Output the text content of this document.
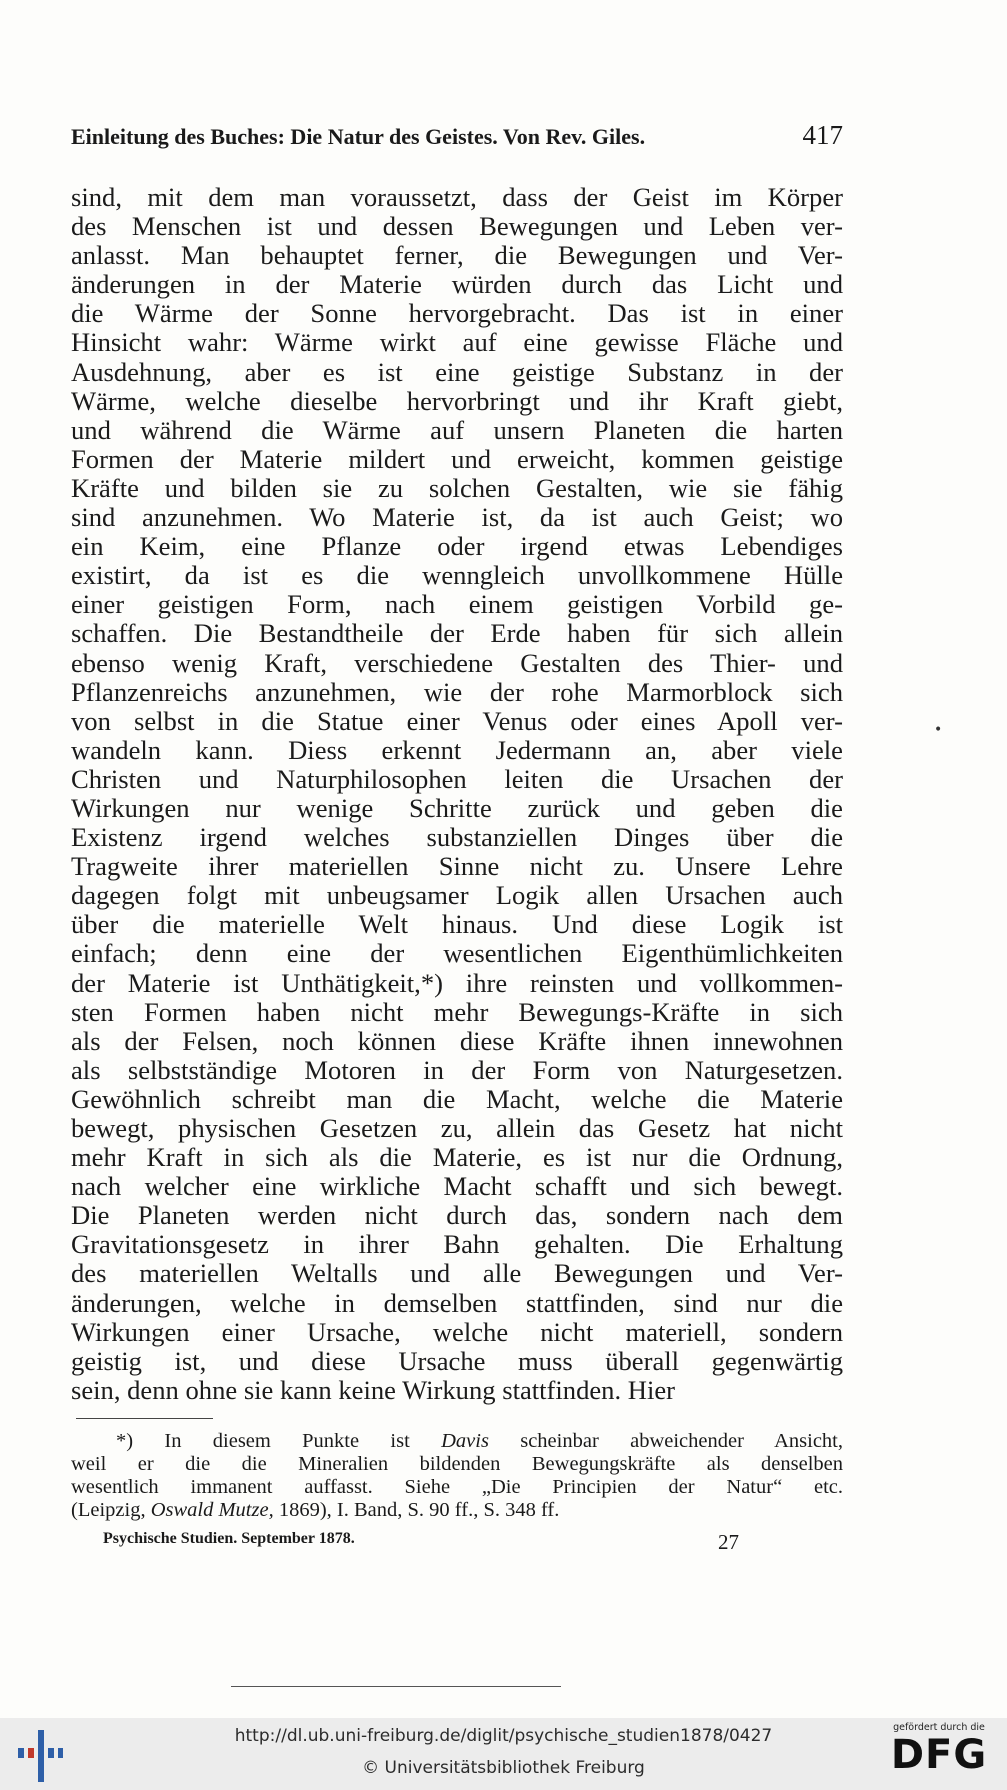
Einleitung des Buches: Die Natur des Geistes. Von Rev. Giles.	417
sind, mit dem man voraussetzt, dass der Geist im Körper
des Menschen ist und dessen Bewegungen und Leben ver-
anlasst. Man behauptet ferner, die Bewegungen und Ver-
änderungen in der Materie würden durch das Licht und
die Wärme der Sonne hervorgebracht. Das ist in einer
Hinsicht wahr: Wärme wirkt auf eine gewisse Fläche und
Ausdehnung, aber es ist eine geistige Substanz in der
Wärme, welche dieselbe hervorbringt und ihr Kraft giebt,
und während die Wärme auf unsern Planeten die harten
Formen der Materie mildert und erweicht, kommen geistige
Kräfte und bilden sie zu solchen Gestalten, wie sie fähig
sind anzunehmen. Wo Materie ist, da ist auch Geist; wo
ein Keim, eine Pflanze oder irgend etwas Lebendiges
existirt, da ist es die wenngleich unvollkommene Hülle
einer geistigen Form, nach einem geistigen Vorbild ge-
schaffen. Die Bestandtheile der Erde haben für sich allein
ebenso wenig Kraft, verschiedene Gestalten des Thier- und
Pflanzenreichs anzunehmen, wie der rohe Marmorblock sich
von selbst in die Statue einer Venus oder eines Apoll ver-
wandeln kann. Diess erkennt Jedermann an, aber viele
Christen und Naturphilosophen leiten die Ursachen der
Wirkungen nur wenige Schritte zurück und geben die
Existenz irgend welches substanziellen Dinges über die
Tragweite ihrer materiellen Sinne nicht zu. Unsere Lehre
dagegen folgt mit unbeugsamer Logik allen Ursachen auch
über die materielle Welt hinaus. Und diese Logik ist
einfach; denn eine der wesentlichen Eigenthümlichkeiten
der Materie ist Unthätigkeit,*) ihre reinsten und vollkommen-
sten Formen haben nicht mehr Bewegungs-Kräfte in sich
als der Felsen, noch können diese Kräfte ihnen innewohnen
als selbstständige Motoren in der Form von Naturgesetzen.
Gewöhnlich schreibt man die Macht, welche die Materie
bewegt, physischen Gesetzen zu, allein das Gesetz hat nicht
mehr Kraft in sich als die Materie, es ist nur die Ordnung,
nach welcher eine wirkliche Macht schafft und sich bewegt.
Die Planeten werden nicht durch das, sondern nach dem
Gravitationsgesetz in ihrer Bahn gehalten. Die Erhaltung
des materiellen Weltalls und alle Bewegungen und Ver-
änderungen, welche in demselben stattfinden, sind nur die
Wirkungen einer Ursache, welche nicht materiell, sondern
geistig ist, und diese Ursache muss überall gegenwärtig
sein, denn ohne sie kann keine Wirkung stattfinden. Hier
•
*) In diesem Punkte ist Davis scheinbar abweichender Ansicht,
weil er die die Mineralien bildenden Bewegungskräfte als denselben
wesentlich immanent auffasst. Siehe „Die Principien der Natur“ etc.
(Leipzig, Oswald Mutze, 1869), I. Band, S. 90 ff., S. 348 ff.
Psychische Studien. September 1878.	27
http://dl.ub.uni-freiburg.de/diglit/psychische_studien1878/0427
© Universitätsbibliothek Freiburg
gefördert durch die
DFG
